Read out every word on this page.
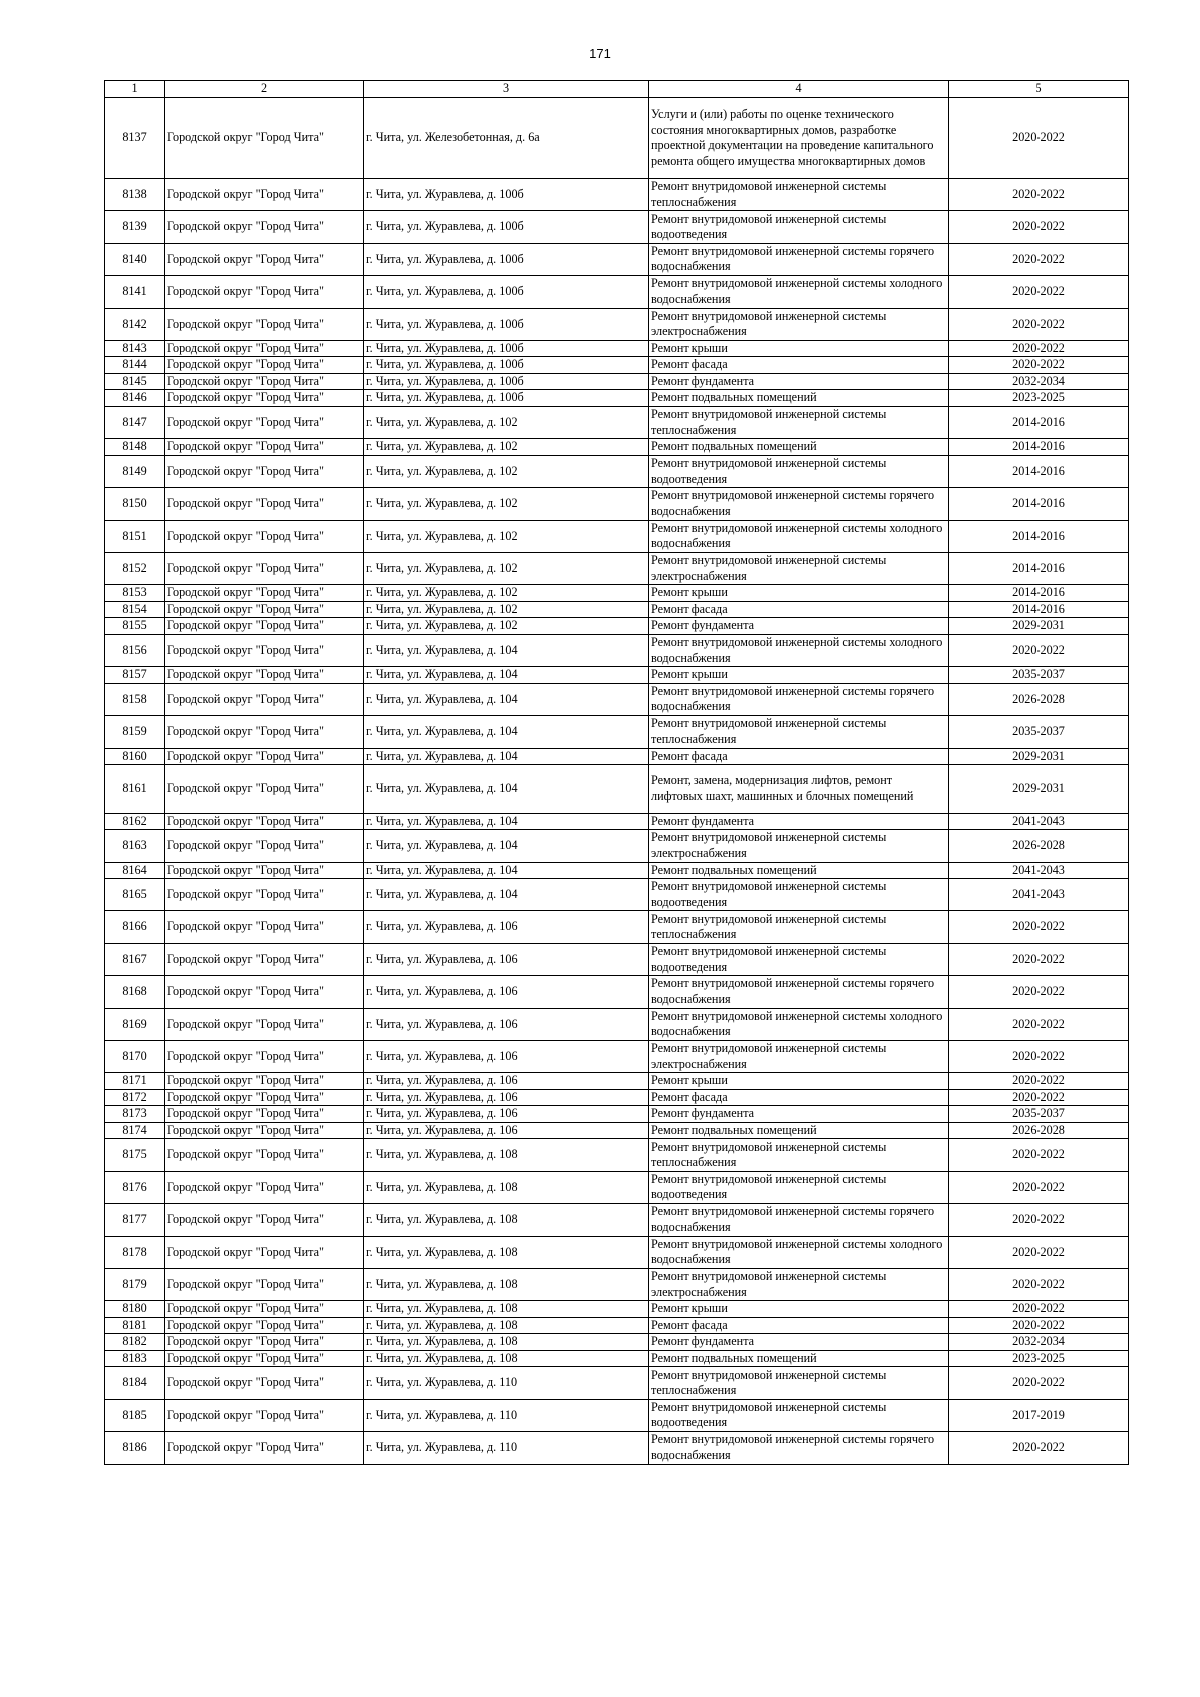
171
1	2	3	4	5
8137	Городской округ "Город Чита"	г. Чита, ул. Железобетонная, д. 6а	Услуги и (или) работы по оценке технического состояния многоквартирных домов, разработке проектной документации на проведение капитального ремонта общего имущества многоквартирных домов	2020-2022
8138	Городской округ "Город Чита"	г. Чита, ул. Журавлева, д. 100б	Ремонт внутридомовой инженерной системы теплоснабжения	2020-2022
8139	Городской округ "Город Чита"	г. Чита, ул. Журавлева, д. 100б	Ремонт внутридомовой инженерной системы водоотведения	2020-2022
8140	Городской округ "Город Чита"	г. Чита, ул. Журавлева, д. 100б	Ремонт внутридомовой инженерной системы горячего водоснабжения	2020-2022
8141	Городской округ "Город Чита"	г. Чита, ул. Журавлева, д. 100б	Ремонт внутридомовой инженерной системы холодного водоснабжения	2020-2022
8142	Городской округ "Город Чита"	г. Чита, ул. Журавлева, д. 100б	Ремонт внутридомовой инженерной системы электроснабжения	2020-2022
8143	Городской округ "Город Чита"	г. Чита, ул. Журавлева, д. 100б	Ремонт крыши	2020-2022
8144	Городской округ "Город Чита"	г. Чита, ул. Журавлева, д. 100б	Ремонт фасада	2020-2022
8145	Городской округ "Город Чита"	г. Чита, ул. Журавлева, д. 100б	Ремонт фундамента	2032-2034
8146	Городской округ "Город Чита"	г. Чита, ул. Журавлева, д. 100б	Ремонт подвальных помещений	2023-2025
8147	Городской округ "Город Чита"	г. Чита, ул. Журавлева, д. 102	Ремонт внутридомовой инженерной системы теплоснабжения	2014-2016
8148	Городской округ "Город Чита"	г. Чита, ул. Журавлева, д. 102	Ремонт подвальных помещений	2014-2016
8149	Городской округ "Город Чита"	г. Чита, ул. Журавлева, д. 102	Ремонт внутридомовой инженерной системы водоотведения	2014-2016
8150	Городской округ "Город Чита"	г. Чита, ул. Журавлева, д. 102	Ремонт внутридомовой инженерной системы горячего водоснабжения	2014-2016
8151	Городской округ "Город Чита"	г. Чита, ул. Журавлева, д. 102	Ремонт внутридомовой инженерной системы холодного водоснабжения	2014-2016
8152	Городской округ "Город Чита"	г. Чита, ул. Журавлева, д. 102	Ремонт внутридомовой инженерной системы электроснабжения	2014-2016
8153	Городской округ "Город Чита"	г. Чита, ул. Журавлева, д. 102	Ремонт крыши	2014-2016
8154	Городской округ "Город Чита"	г. Чита, ул. Журавлева, д. 102	Ремонт фасада	2014-2016
8155	Городской округ "Город Чита"	г. Чита, ул. Журавлева, д. 102	Ремонт фундамента	2029-2031
8156	Городской округ "Город Чита"	г. Чита, ул. Журавлева, д. 104	Ремонт внутридомовой инженерной системы холодного водоснабжения	2020-2022
8157	Городской округ "Город Чита"	г. Чита, ул. Журавлева, д. 104	Ремонт крыши	2035-2037
8158	Городской округ "Город Чита"	г. Чита, ул. Журавлева, д. 104	Ремонт внутридомовой инженерной системы горячего водоснабжения	2026-2028
8159	Городской округ "Город Чита"	г. Чита, ул. Журавлева, д. 104	Ремонт внутридомовой инженерной системы теплоснабжения	2035-2037
8160	Городской округ "Город Чита"	г. Чита, ул. Журавлева, д. 104	Ремонт фасада	2029-2031
8161	Городской округ "Город Чита"	г. Чита, ул. Журавлева, д. 104	Ремонт, замена, модернизация лифтов, ремонт лифтовых шахт, машинных и блочных помещений	2029-2031
8162	Городской округ "Город Чита"	г. Чита, ул. Журавлева, д. 104	Ремонт фундамента	2041-2043
8163	Городской округ "Город Чита"	г. Чита, ул. Журавлева, д. 104	Ремонт внутридомовой инженерной системы электроснабжения	2026-2028
8164	Городской округ "Город Чита"	г. Чита, ул. Журавлева, д. 104	Ремонт подвальных помещений	2041-2043
8165	Городской округ "Город Чита"	г. Чита, ул. Журавлева, д. 104	Ремонт внутридомовой инженерной системы водоотведения	2041-2043
8166	Городской округ "Город Чита"	г. Чита, ул. Журавлева, д. 106	Ремонт внутридомовой инженерной системы теплоснабжения	2020-2022
8167	Городской округ "Город Чита"	г. Чита, ул. Журавлева, д. 106	Ремонт внутридомовой инженерной системы водоотведения	2020-2022
8168	Городской округ "Город Чита"	г. Чита, ул. Журавлева, д. 106	Ремонт внутридомовой инженерной системы горячего водоснабжения	2020-2022
8169	Городской округ "Город Чита"	г. Чита, ул. Журавлева, д. 106	Ремонт внутридомовой инженерной системы холодного водоснабжения	2020-2022
8170	Городской округ "Город Чита"	г. Чита, ул. Журавлева, д. 106	Ремонт внутридомовой инженерной системы электроснабжения	2020-2022
8171	Городской округ "Город Чита"	г. Чита, ул. Журавлева, д. 106	Ремонт крыши	2020-2022
8172	Городской округ "Город Чита"	г. Чита, ул. Журавлева, д. 106	Ремонт фасада	2020-2022
8173	Городской округ "Город Чита"	г. Чита, ул. Журавлева, д. 106	Ремонт фундамента	2035-2037
8174	Городской округ "Город Чита"	г. Чита, ул. Журавлева, д. 106	Ремонт подвальных помещений	2026-2028
8175	Городской округ "Город Чита"	г. Чита, ул. Журавлева, д. 108	Ремонт внутридомовой инженерной системы теплоснабжения	2020-2022
8176	Городской округ "Город Чита"	г. Чита, ул. Журавлева, д. 108	Ремонт внутридомовой инженерной системы водоотведения	2020-2022
8177	Городской округ "Город Чита"	г. Чита, ул. Журавлева, д. 108	Ремонт внутридомовой инженерной системы горячего водоснабжения	2020-2022
8178	Городской округ "Город Чита"	г. Чита, ул. Журавлева, д. 108	Ремонт внутридомовой инженерной системы холодного водоснабжения	2020-2022
8179	Городской округ "Город Чита"	г. Чита, ул. Журавлева, д. 108	Ремонт внутридомовой инженерной системы электроснабжения	2020-2022
8180	Городской округ "Город Чита"	г. Чита, ул. Журавлева, д. 108	Ремонт крыши	2020-2022
8181	Городской округ "Город Чита"	г. Чита, ул. Журавлева, д. 108	Ремонт фасада	2020-2022
8182	Городской округ "Город Чита"	г. Чита, ул. Журавлева, д. 108	Ремонт фундамента	2032-2034
8183	Городской округ "Город Чита"	г. Чита, ул. Журавлева, д. 108	Ремонт подвальных помещений	2023-2025
8184	Городской округ "Город Чита"	г. Чита, ул. Журавлева, д. 110	Ремонт внутридомовой инженерной системы теплоснабжения	2020-2022
8185	Городской округ "Город Чита"	г. Чита, ул. Журавлева, д. 110	Ремонт внутридомовой инженерной системы водоотведения	2017-2019
8186	Городской округ "Город Чита"	г. Чита, ул. Журавлева, д. 110	Ремонт внутридомовой инженерной системы горячего водоснабжения	2020-2022
